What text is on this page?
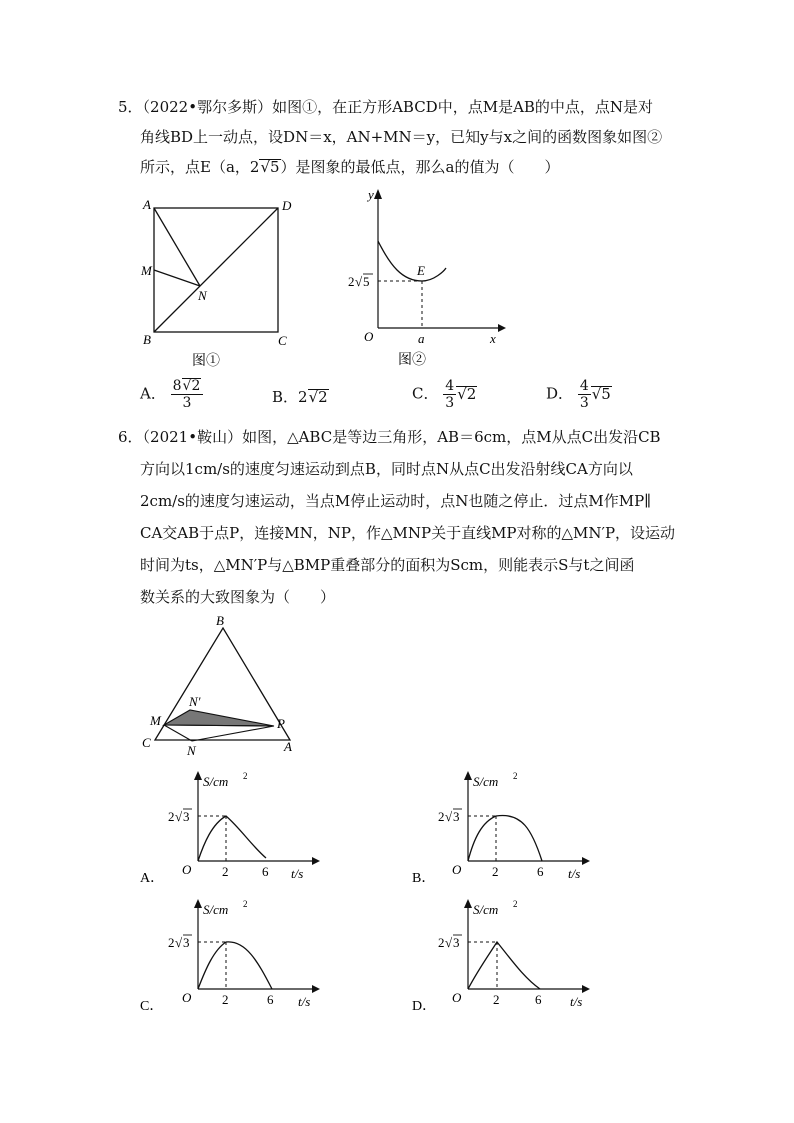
5．（2022•鄂尔多斯）如图①，在正方形ABCD中，点M是AB的中点，点N是对
角线BD上一动点，设DN＝x，AN+MN＝y，已知y与x之间的函数图象如图②
所示，点E（a，2√5）是图象的最低点，那么a的值为（　　）
A	D
M
N
B	C
图①
y
x
O
E
a
2 √ 5
图②
A． $\frac{8√2}{3}$	B．2√2	C． $\frac{4}{3} √2$	D． $\frac{4}{3} √5$
6．（2021•鞍山）如图，△ABC是等边三角形，AB＝6cm，点M从点C出发沿CB
方向以1cm/s的速度匀速运动到点B，同时点N从点C出发沿射线CA方向以
2cm/s的速度匀速运动，当点M停止运动时，点N也随之停止．过点M作MP∥
CA交AB于点P，连接MN，NP，作△MNP关于直线MP对称的△MN′P，设运动
时间为ts，△MN′P与△BMP重叠部分的面积为Scm，则能表示S与t之间函
数关系的大致图象为（　　）
B
N′
M	P
C
N	A
S/cm 2
t/s
O 2	6
2 √ 3
A．
S/cm 2
t/s
O 2	6
2 √ 3
B．
S/cm 2
t/s
O 2	6
2 √ 3
C．
S/cm 2
t/s
O 2	6
2 √ 3
D．
